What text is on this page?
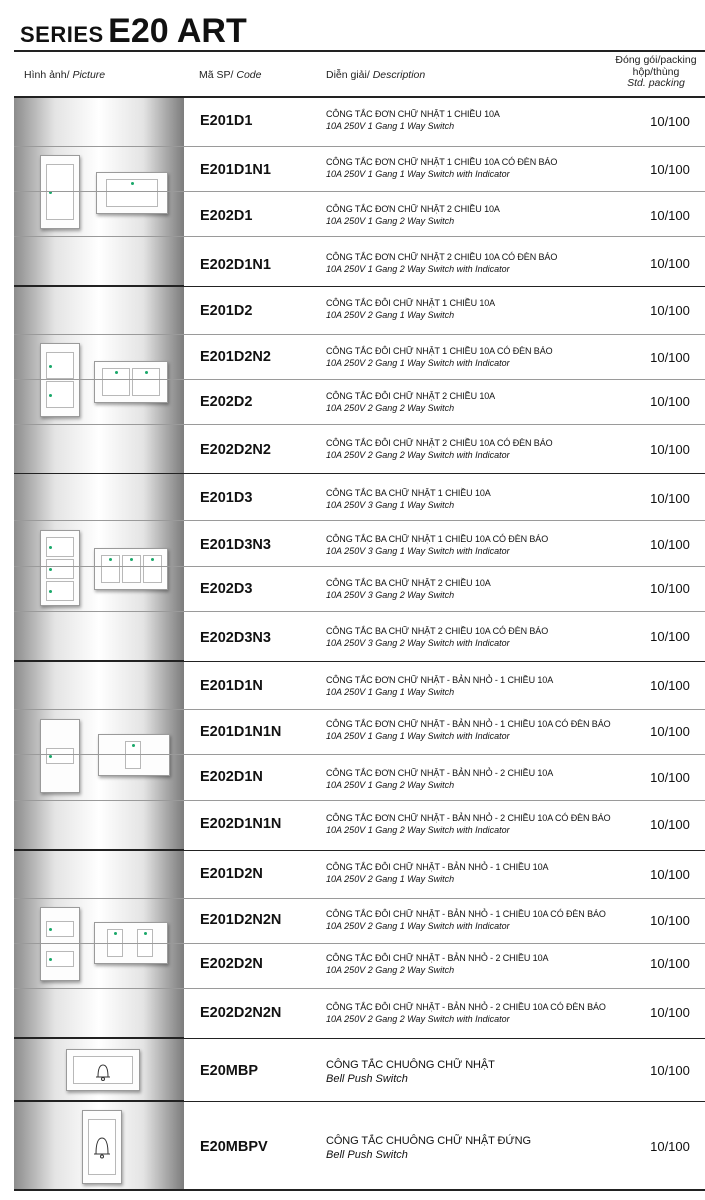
SERIES E20 ART
Hình ảnh/ Picture	Mã SP/ Code	Diễn giải/ Description
Đóng gói/packing
hộp/thùng
Std. packing
E201D1	CÔNG TẮC ĐƠN CHỮ NHẬT 1 CHIỀU 10A
10A 250V 1 Gang 1 Way Switch	10/100
E201D1N1	CÔNG TẮC ĐƠN CHỮ NHẬT 1 CHIỀU 10A CÓ ĐÈN BÁO
10A 250V 1 Gang 1 Way Switch with Indicator	10/100
E202D1	CÔNG TẮC ĐƠN CHỮ NHẬT 2 CHIỀU 10A
10A 250V 1 Gang 2 Way Switch	10/100
E202D1N1	CÔNG TẮC ĐƠN CHỮ NHẬT 2 CHIỀU 10A CÓ ĐÈN BÁO
10A 250V 1 Gang 2 Way Switch with Indicator	10/100
E201D2	CÔNG TẮC ĐÔI CHỮ NHẬT 1 CHIỀU 10A
10A 250V 2 Gang 1 Way Switch	10/100
E201D2N2	CÔNG TẮC ĐÔI CHỮ NHẬT 1 CHIỀU 10A CÓ ĐÈN BÁO
10A 250V 2 Gang 1 Way Switch with Indicator	10/100
E202D2	CÔNG TẮC ĐÔI CHỮ NHẬT 2 CHIỀU 10A
10A 250V 2 Gang 2 Way Switch	10/100
E202D2N2	CÔNG TẮC ĐÔI CHỮ NHẬT 2 CHIỀU 10A CÓ ĐÈN BÁO
10A 250V 2 Gang 2 Way Switch with Indicator	10/100
E201D3	CÔNG TẮC BA CHỮ NHẬT 1 CHIỀU 10A
10A 250V 3 Gang 1 Way Switch	10/100
E201D3N3	CÔNG TẮC BA CHỮ NHẬT 1 CHIỀU 10A CÓ ĐÈN BÁO
10A 250V 3 Gang 1 Way Switch with Indicator	10/100
E202D3	CÔNG TẮC BA CHỮ NHẬT 2 CHIỀU 10A
10A 250V 3 Gang 2 Way Switch	10/100
E202D3N3	CÔNG TẮC BA CHỮ NHẬT 2 CHIỀU 10A CÓ ĐÈN BÁO
10A 250V 3 Gang 2 Way Switch with Indicator	10/100
E201D1N	CÔNG TẮC ĐƠN CHỮ NHẬT - BẢN NHỎ - 1 CHIỀU 10A
10A 250V 1 Gang 1 Way Switch	10/100
E201D1N1N	CÔNG TẮC ĐƠN CHỮ NHẬT - BẢN NHỎ - 1 CHIỀU 10A CÓ ĐÈN BÁO
10A 250V 1 Gang 1 Way Switch with Indicator	10/100
E202D1N	CÔNG TẮC ĐƠN CHỮ NHẬT - BẢN NHỎ - 2 CHIỀU 10A
10A 250V 1 Gang 2 Way Switch	10/100
E202D1N1N	CÔNG TẮC ĐƠN CHỮ NHẬT - BẢN NHỎ - 2 CHIỀU 10A CÓ ĐÈN BÁO
10A 250V 1 Gang 2 Way Switch with Indicator	10/100
E201D2N	CÔNG TẮC ĐÔI CHỮ NHẬT - BẢN NHỎ - 1 CHIỀU 10A
10A 250V 2 Gang 1 Way Switch	10/100
E201D2N2N	CÔNG TẮC ĐÔI CHỮ NHẬT - BẢN NHỎ - 1 CHIỀU 10A CÓ ĐÈN BÁO
10A 250V 2 Gang 1 Way Switch with Indicator	10/100
E202D2N	CÔNG TẮC ĐÔI CHỮ NHẬT - BẢN NHỎ - 2 CHIỀU 10A
10A 250V 2 Gang 2 Way Switch	10/100
E202D2N2N	CÔNG TẮC ĐÔI CHỮ NHẬT - BẢN NHỎ - 2 CHIỀU 10A CÓ ĐÈN BÁO
10A 250V 2 Gang 2 Way Switch with Indicator	10/100
E20MBP	CÔNG TẮC CHUÔNG CHỮ NHẬT
Bell Push Switch
10/100
E20MBPV	CÔNG TẮC CHUÔNG CHỮ NHẬT ĐỨNG
Bell Push Switch
10/100
